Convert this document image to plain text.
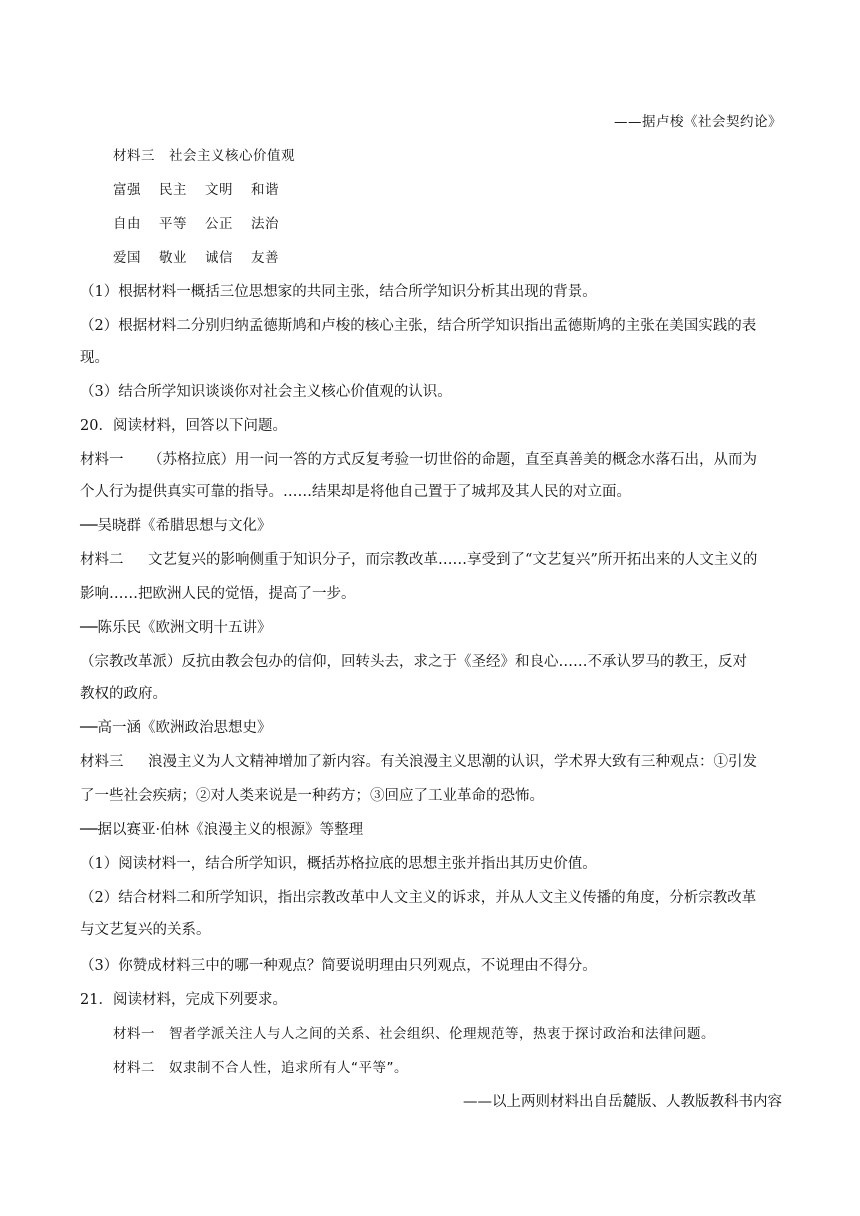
——据卢梭《社会契约论》
材料三　社会主义核心价值观
富强 民主 文明 和谐
自由 平等 公正 法治
爱国 敬业 诚信 友善
（1）根据材料一概括三位思想家的共同主张，结合所学知识分析其出现的背景。
（2）根据材料二分别归纳孟德斯鸠和卢梭的核心主张，结合所学知识指出孟德斯鸠的主张在美国实践的表
现。
（3）结合所学知识谈谈你对社会主义核心价值观的认识。
20．阅读材料，回答以下问题。
材料一 （苏格拉底）用一问一答的方式反复考验一切世俗的命题，直至真善美的概念水落石出，从而为
个人行为提供真实可靠的指导。……结果却是将他自己置于了城邦及其人民的对立面。
──吴晓群《希腊思想与文化》
材料二 文艺复兴的影响侧重于知识分子，而宗教改革……享受到了“文艺复兴”所开拓出来的人文主义的
影响……把欧洲人民的觉悟，提高了一步。
──陈乐民《欧洲文明十五讲》
（宗教改革派）反抗由教会包办的信仰，回转头去，求之于《圣经》和良心……不承认罗马的教王，反对
教权的政府。
──高一涵《欧洲政治思想史》
材料三 浪漫主义为人文精神增加了新内容。有关浪漫主义思潮的认识，学术界大致有三种观点：①引发
了一些社会疾病；②对人类来说是一种药方；③回应了工业革命的恐怖。
──据以赛亚·伯林《浪漫主义的根源》等整理
（1）阅读材料一，结合所学知识，概括苏格拉底的思想主张并指出其历史价值。
（2）结合材料二和所学知识，指出宗教改革中人文主义的诉求，并从人文主义传播的角度，分析宗教改革
与文艺复兴的关系。
（3）你赞成材料三中的哪一种观点？简要说明理由只列观点，不说理由不得分。
21．阅读材料，完成下列要求。
材料一　智者学派关注人与人之间的关系、社会组织、伦理规范等，热衷于探讨政治和法律问题。
材料二　奴隶制不合人性，追求所有人“平等”。
——以上两则材料出自岳麓版、人教版教科书内容
